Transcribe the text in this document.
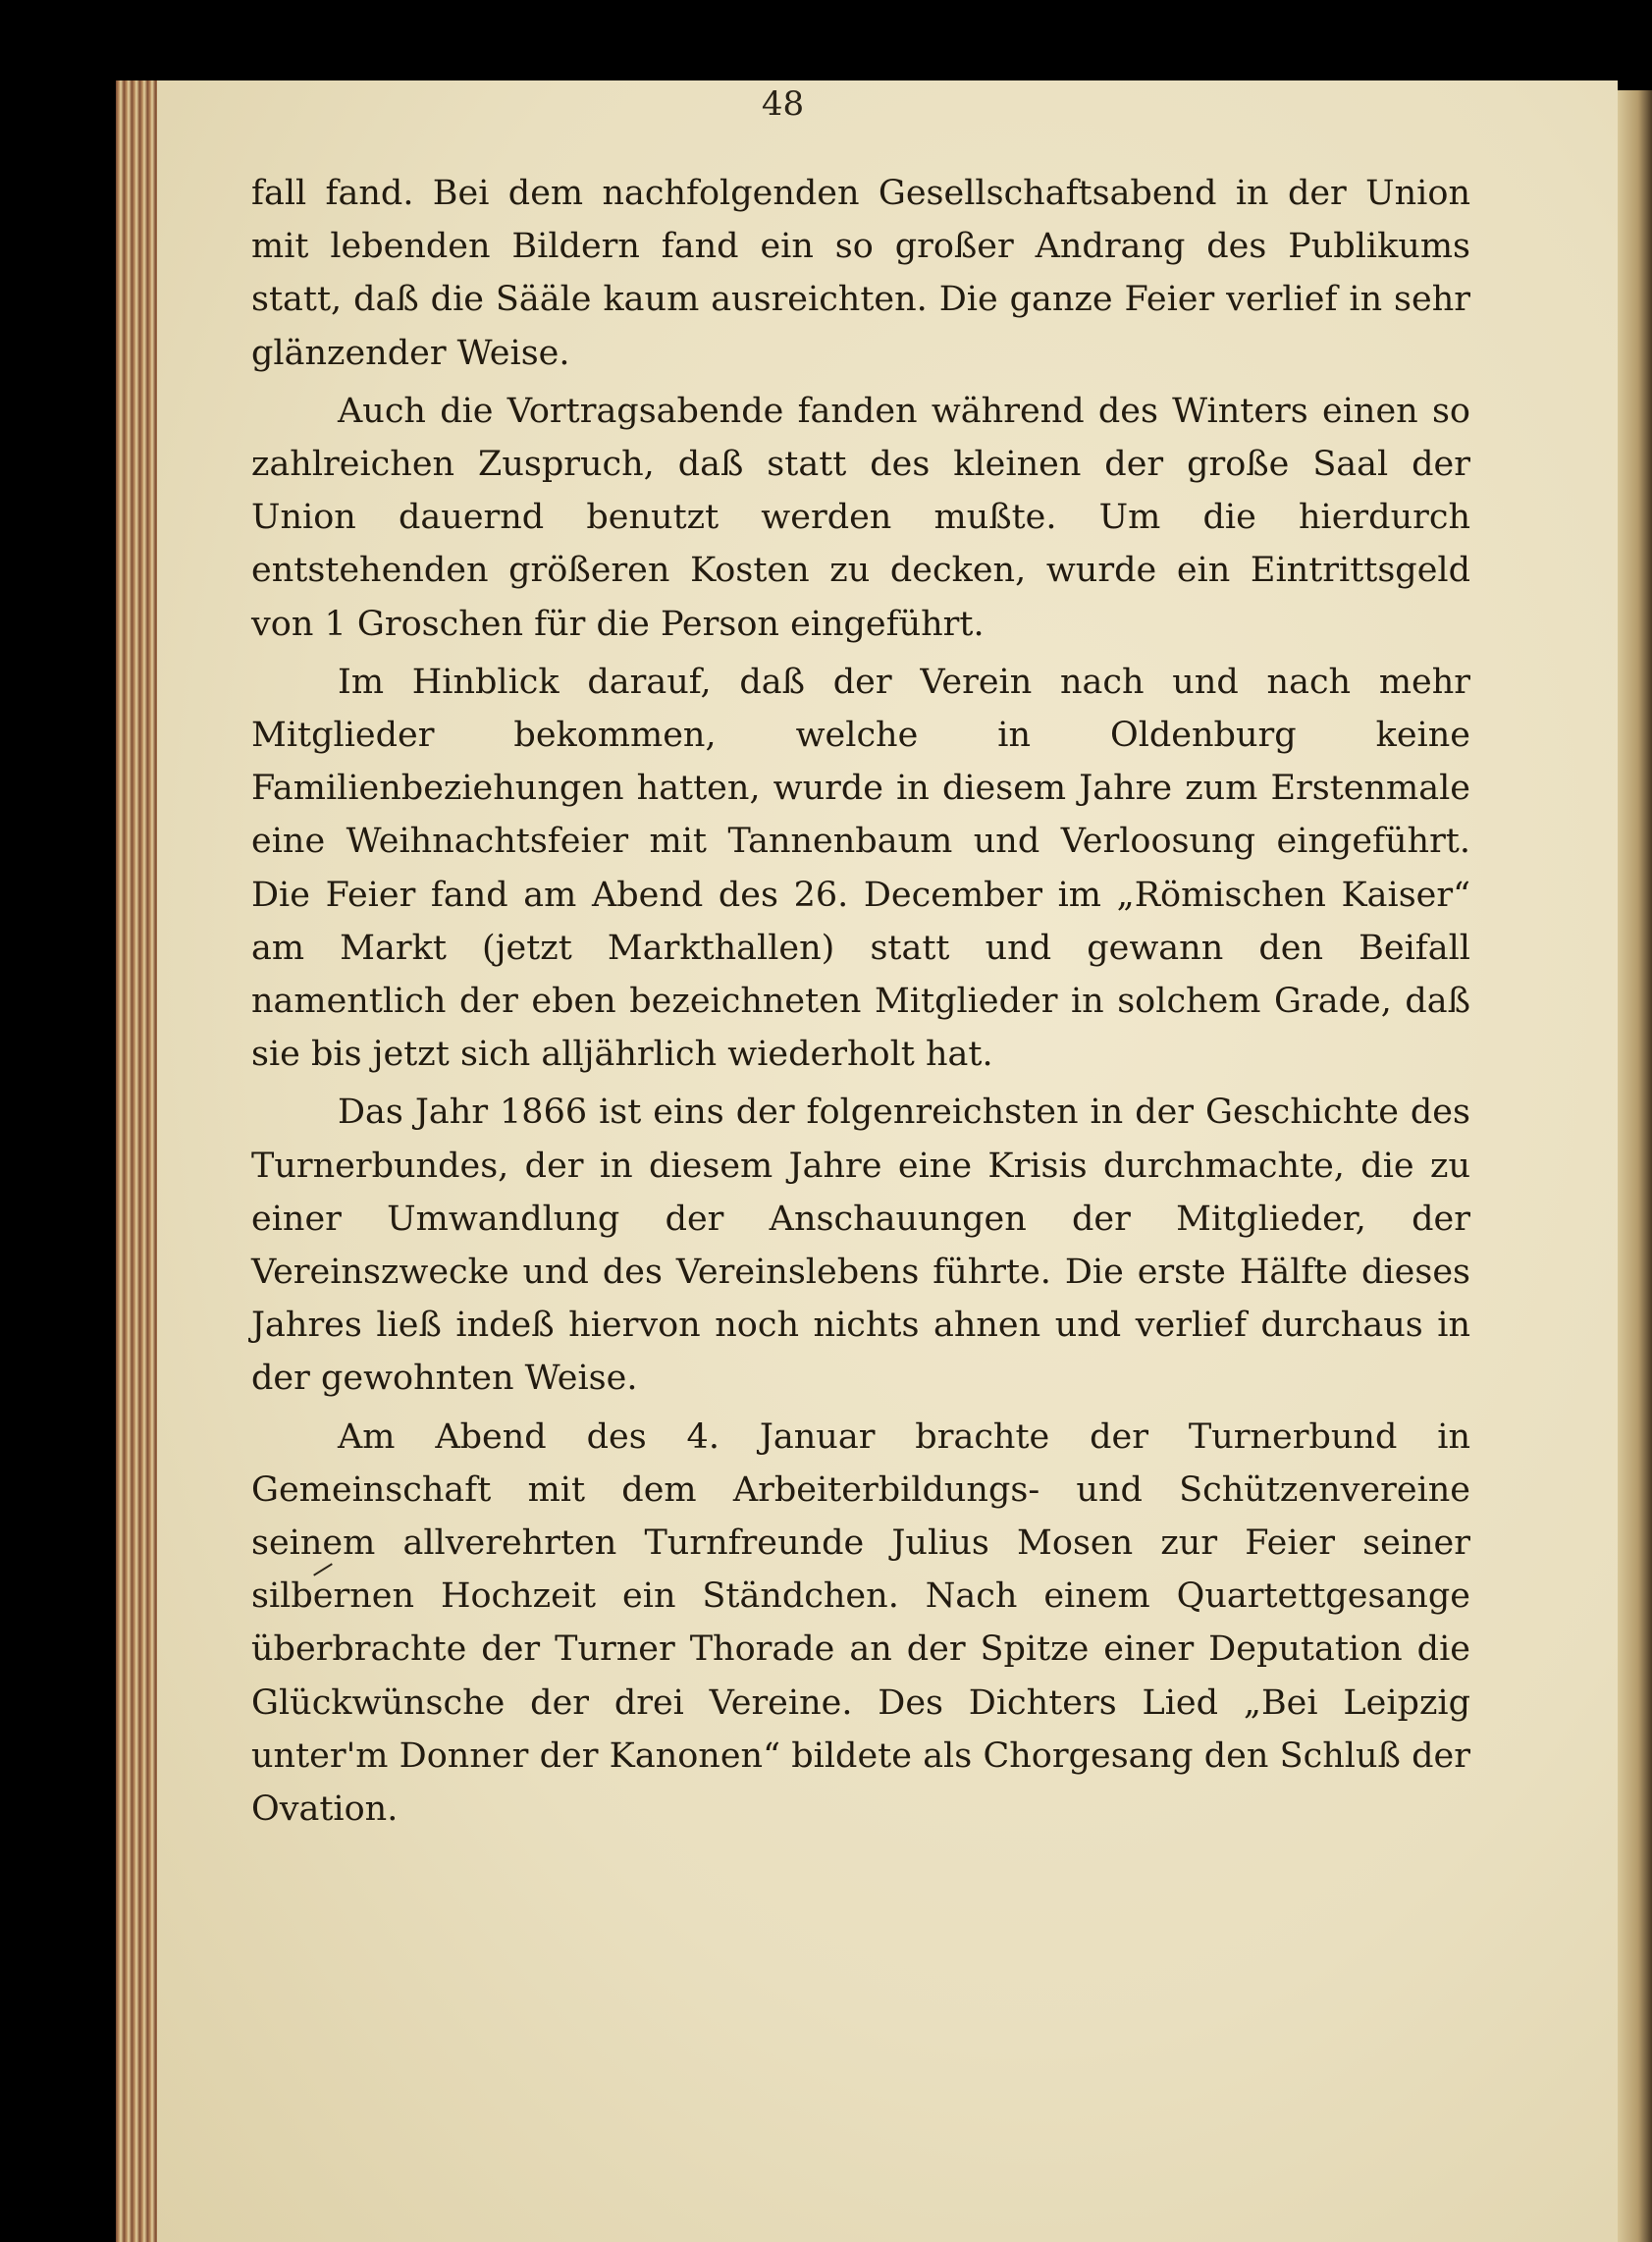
48

fall fand. Bei dem nachfolgenden Gesellschaftsabend in der Union mit lebenden Bildern fand ein so großer Andrang des Publikums statt, daß die Sääle kaum ausreichten. Die ganze Feier verlief in sehr glänzender Weise.

Auch die Vortragsabende fanden während des Winters einen so zahlreichen Zuspruch, daß statt des kleinen der große Saal der Union dauernd benutzt werden mußte. Um die hierdurch entstehenden größeren Kosten zu decken, wurde ein Eintrittsgeld von 1 Groschen für die Person eingeführt.

Im Hinblick darauf, daß der Verein nach und nach mehr Mitglieder bekommen, welche in Oldenburg keine Familienbeziehungen hatten, wurde in diesem Jahre zum Erstenmale eine Weihnachtsfeier mit Tannenbaum und Verloosung eingeführt. Die Feier fand am Abend des 26. December im „Römischen Kaiser“ am Markt (jetzt Markthallen) statt und gewann den Beifall namentlich der eben bezeichneten Mitglieder in solchem Grade, daß sie bis jetzt sich alljährlich wiederholt hat.

Das Jahr 1866 ist eins der folgenreichsten in der Geschichte des Turnerbundes, der in diesem Jahre eine Krisis durchmachte, die zu einer Umwandlung der Anschauungen der Mitglieder, der Vereinszwecke und des Vereinslebens führte. Die erste Hälfte dieses Jahres ließ indeß hiervon noch nichts ahnen und verlief durchaus in der gewohnten Weise.

Am Abend des 4. Januar brachte der Turnerbund in Gemeinschaft mit dem Arbeiterbildungs- und Schützenvereine seinem allverehrten Turnfreunde Julius Mosen zur Feier seiner silbernen Hochzeit ein Ständchen. Nach einem Quartettgesange überbrachte der Turner Thorade an der Spitze einer Deputation die Glückwünsche der drei Vereine. Des Dichters Lied „Bei Leipzig unter'm Donner der Kanonen“ bildete als Chorgesang den Schluß der Ovation.
